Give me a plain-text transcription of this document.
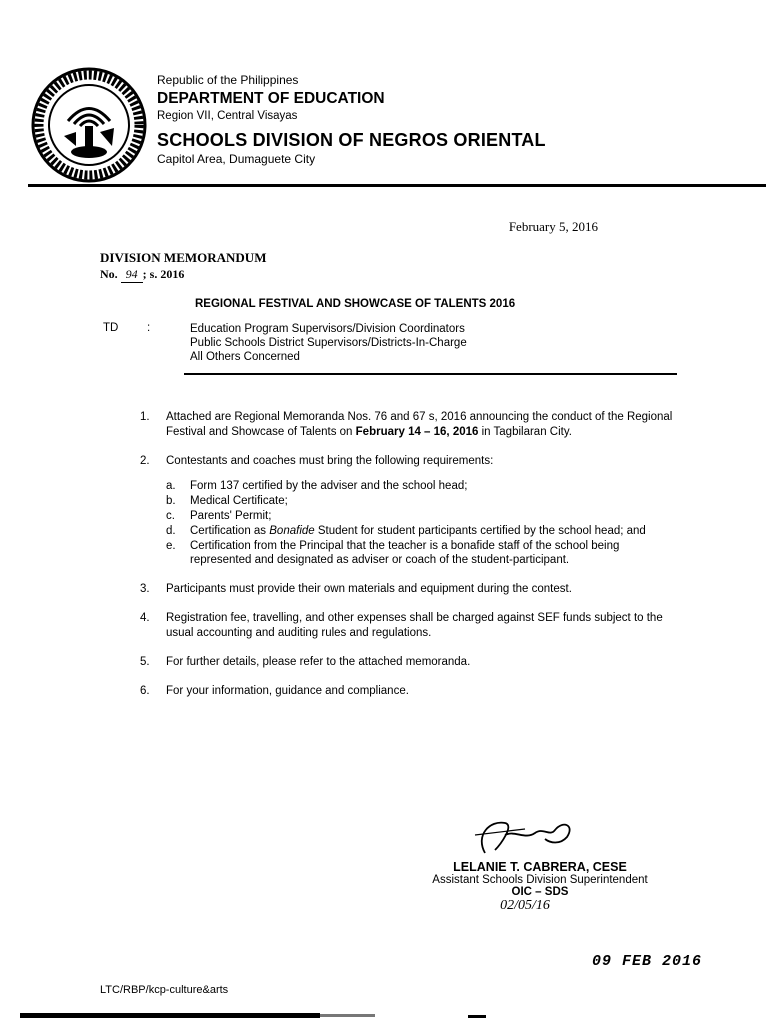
Republic of the Philippines
DEPARTMENT OF EDUCATION
Region VII, Central Visayas
SCHOOLS DIVISION OF NEGROS ORIENTAL
Capitol Area, Dumaguete City
February 5, 2016
DIVISION MEMORANDUM
No. 94 ; s. 2016
REGIONAL FESTIVAL AND SHOWCASE OF TALENTS 2016
TD :	Education Program Supervisors/Division Coordinators
Public Schools District Supervisors/Districts-In-Charge
All Others Concerned
1.	Attached are Regional Memoranda Nos. 76 and 67 s, 2016 announcing the conduct of the Regional Festival and Showcase of Talents on February 14 – 16, 2016 in Tagbilaran City.
2.	Contestants and coaches must bring the following requirements:
a.	Form 137 certified by the adviser and the school head;
b.	Medical Certificate;
c.	Parents' Permit;
d.	Certification as Bonafide Student for student participants certified by the school head; and
e.	Certification from the Principal that the teacher is a bonafide staff of the school being represented and designated as adviser or coach of the student-participant.
3.	Participants must provide their own materials and equipment during the contest.
4.	Registration fee, travelling, and other expenses shall be charged against SEF funds subject to the usual accounting and auditing rules and regulations.
5.	For further details, please refer to the attached memoranda.
6.	For your information, guidance and compliance.
LELANIE T. CABRERA, CESE
Assistant Schools Division Superintendent
OIC – SDS
02/05/16
09 FEB 2016
LTC/RBP/kcp-culture&arts
